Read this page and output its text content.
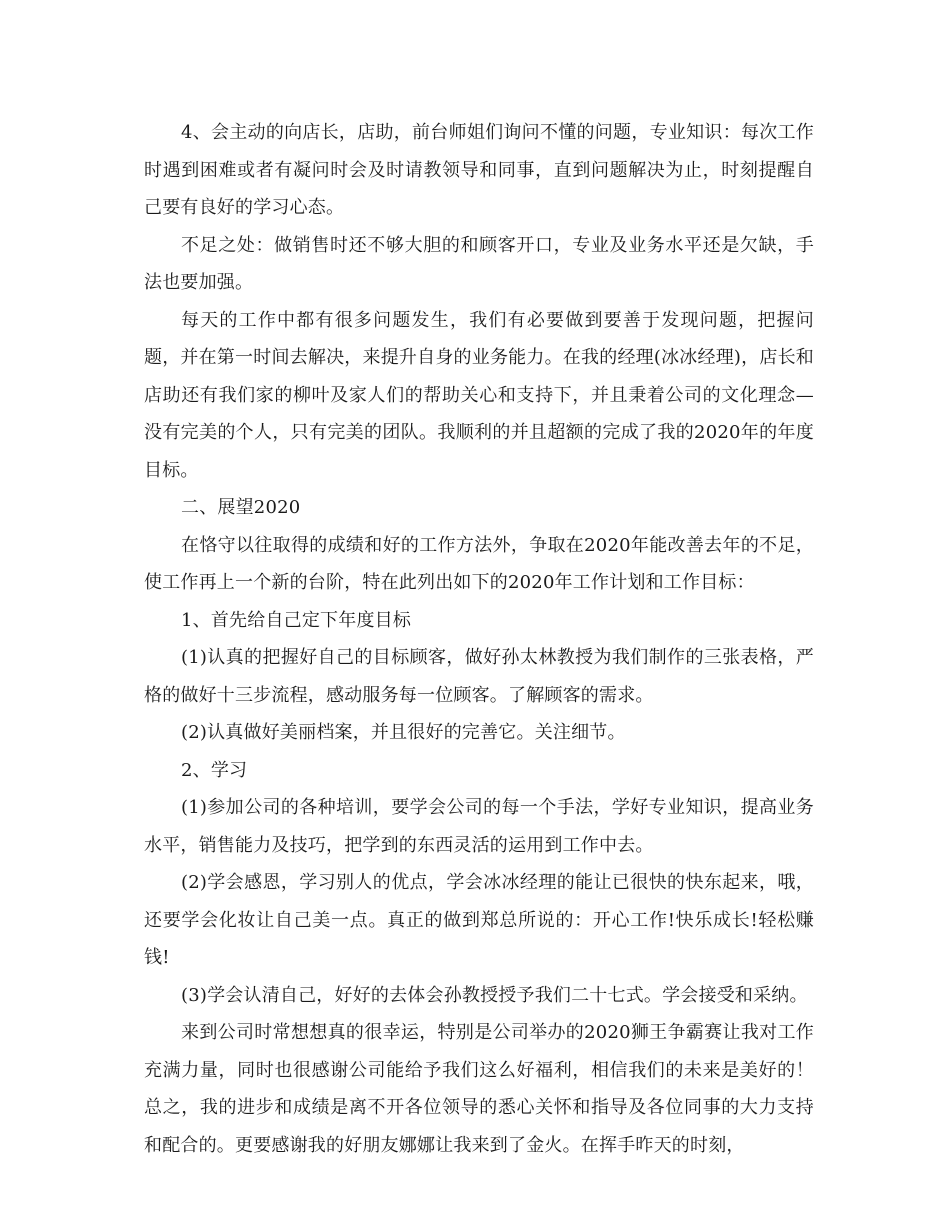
4、会主动的向店长，店助，前台师姐们询问不懂的问题，专业知识：每次工作时遇到困难或者有凝问时会及时请教领导和同事，直到问题解决为止，时刻提醒自己要有良好的学习心态。

不足之处：做销售时还不够大胆的和顾客开口，专业及业务水平还是欠缺，手法也要加强。

每天的工作中都有很多问题发生，我们有必要做到要善于发现问题，把握问题，并在第一时间去解决，来提升自身的业务能力。在我的经理(冰冰经理)，店长和店助还有我们家的柳叶及家人们的帮助关心和支持下，并且秉着公司的文化理念—没有完美的个人，只有完美的团队。我顺利的并且超额的完成了我的2020年的年度目标。

二、展望2020

在恪守以往取得的成绩和好的工作方法外，争取在2020年能改善去年的不足，使工作再上一个新的台阶，特在此列出如下的2020年工作计划和工作目标：

1、首先给自己定下年度目标

(1)认真的把握好自己的目标顾客，做好孙太林教授为我们制作的三张表格，严格的做好十三步流程，感动服务每一位顾客。了解顾客的需求。

(2)认真做好美丽档案，并且很好的完善它。关注细节。

2、学习

(1)参加公司的各种培训，要学会公司的每一个手法，学好专业知识，提高业务水平，销售能力及技巧，把学到的东西灵活的运用到工作中去。

(2)学会感恩，学习别人的优点，学会冰冰经理的能让已很快的快东起来，哦，还要学会化妆让自己美一点。真正的做到郑总所说的：开心工作!快乐成长!轻松赚钱!

(3)学会认清自己，好好的去体会孙教授授予我们二十七式。学会接受和采纳。

来到公司时常想想真的很幸运，特别是公司举办的2020狮王争霸赛让我对工作充满力量，同时也很感谢公司能给予我们这么好福利，相信我们的未来是美好的！总之，我的进步和成绩是离不开各位领导的悉心关怀和指导及各位同事的大力支持和配合的。更要感谢我的好朋友娜娜让我来到了金火。在挥手昨天的时刻，
